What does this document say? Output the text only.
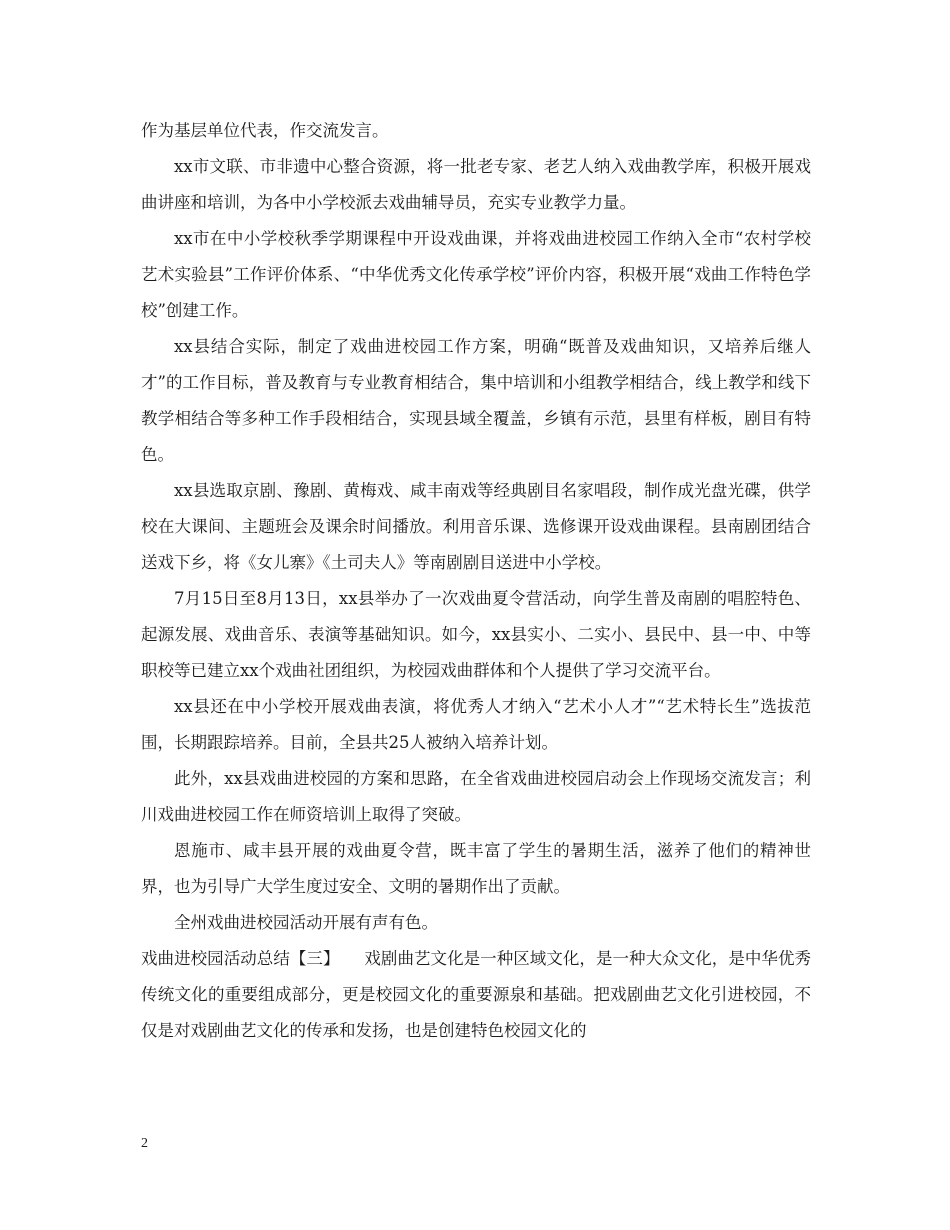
作为基层单位代表，作交流发言。

xx市文联、市非遗中心整合资源，将一批老专家、老艺人纳入戏曲教学库，积极开展戏曲讲座和培训，为各中小学校派去戏曲辅导员，充实专业教学力量。

xx市在中小学校秋季学期课程中开设戏曲课，并将戏曲进校园工作纳入全市“农村学校艺术实验县”工作评价体系、“中华优秀文化传承学校”评价内容，积极开展“戏曲工作特色学校”创建工作。

xx县结合实际，制定了戏曲进校园工作方案，明确“既普及戏曲知识，又培养后继人才”的工作目标，普及教育与专业教育相结合，集中培训和小组教学相结合，线上教学和线下教学相结合等多种工作手段相结合，实现县域全覆盖，乡镇有示范，县里有样板，剧目有特色。

xx县选取京剧、豫剧、黄梅戏、咸丰南戏等经典剧目名家唱段，制作成光盘光碟，供学校在大课间、主题班会及课余时间播放。利用音乐课、选修课开设戏曲课程。县南剧团结合送戏下乡，将《女儿寨》《土司夫人》等南剧剧目送进中小学校。

7月15日至8月13日，xx县举办了一次戏曲夏令营活动，向学生普及南剧的唱腔特色、起源发展、戏曲音乐、表演等基础知识。如今，xx县实小、二实小、县民中、县一中、中等职校等已建立xx个戏曲社团组织，为校园戏曲群体和个人提供了学习交流平台。

xx县还在中小学校开展戏曲表演，将优秀人才纳入“艺术小人才”“艺术特长生”选拔范围，长期跟踪培养。目前，全县共25人被纳入培养计划。

此外，xx县戏曲进校园的方案和思路，在全省戏曲进校园启动会上作现场交流发言；利川戏曲进校园工作在师资培训上取得了突破。

恩施市、咸丰县开展的戏曲夏令营，既丰富了学生的暑期生活，滋养了他们的精神世界，也为引导广大学生度过安全、文明的暑期作出了贡献。

全州戏曲进校园活动开展有声有色。

戏曲进校园活动总结【三】　　戏剧曲艺文化是一种区域文化，是一种大众文化，是中华优秀传统文化的重要组成部分，更是校园文化的重要源泉和基础。把戏剧曲艺文化引进校园，不仅是对戏剧曲艺文化的传承和发扬，也是创建特色校园文化的

2
